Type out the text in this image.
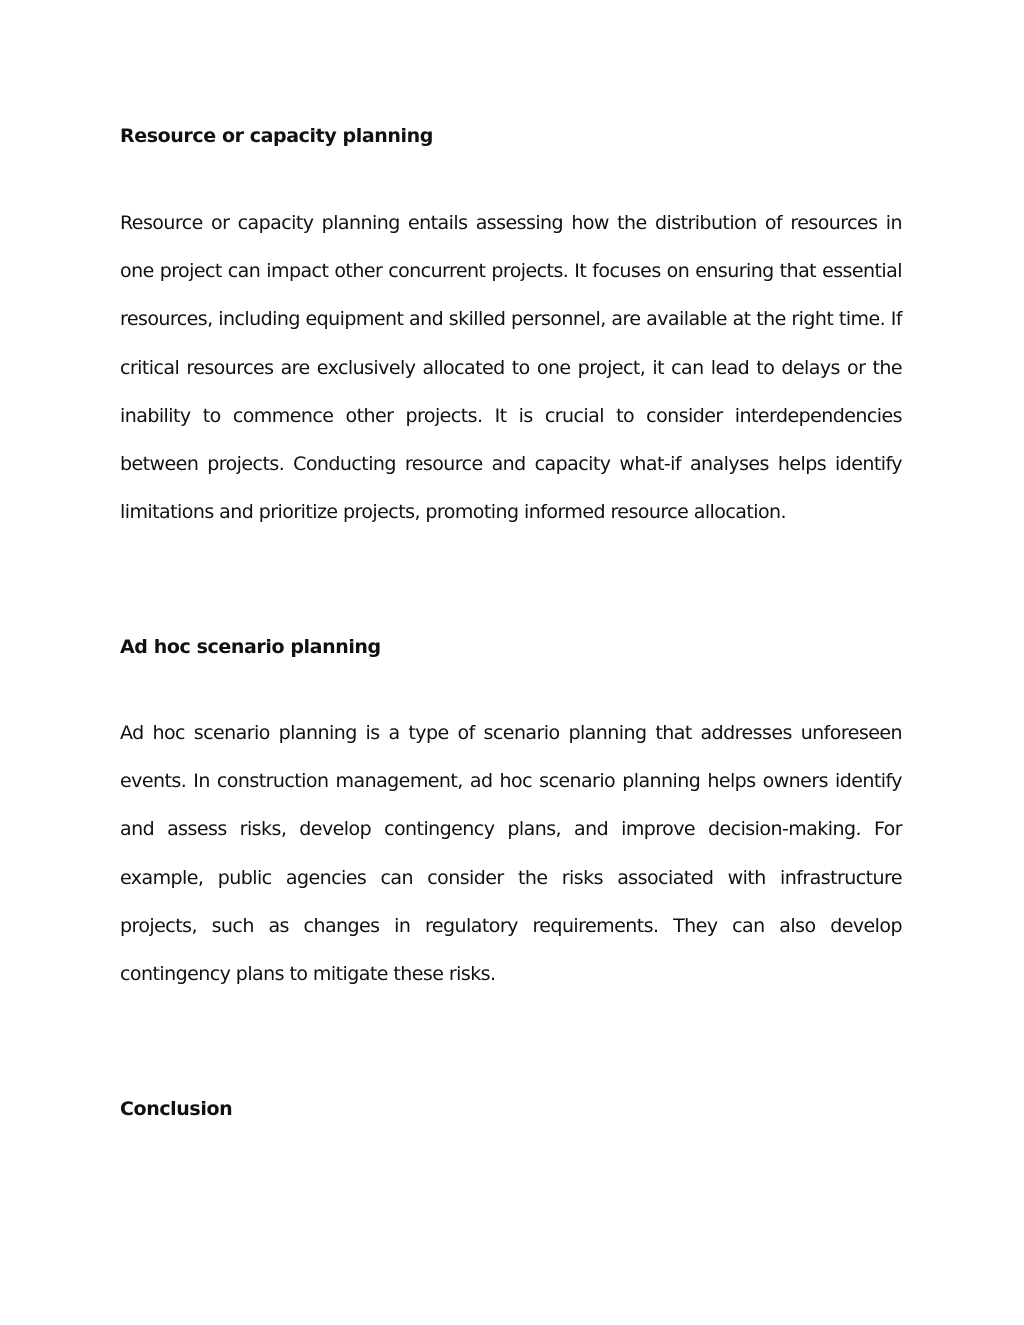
Resource or capacity planning

Resource or capacity planning entails assessing how the distribution of resources in one project can impact other concurrent projects. It focuses on ensuring that essential resources, including equipment and skilled personnel, are available at the right time. If critical resources are exclusively allocated to one project, it can lead to delays or the inability to commence other projects. It is crucial to consider interdependencies between projects. Conducting resource and capacity what-if analyses helps identify limitations and prioritize projects, promoting informed resource allocation.

Ad hoc scenario planning

Ad hoc scenario planning is a type of scenario planning that addresses unforeseen events. In construction management, ad hoc scenario planning helps owners identify and assess risks, develop contingency plans, and improve decision-making. For example, public agencies can consider the risks associated with infrastructure projects, such as changes in regulatory requirements. They can also develop contingency plans to mitigate these risks.

Conclusion
